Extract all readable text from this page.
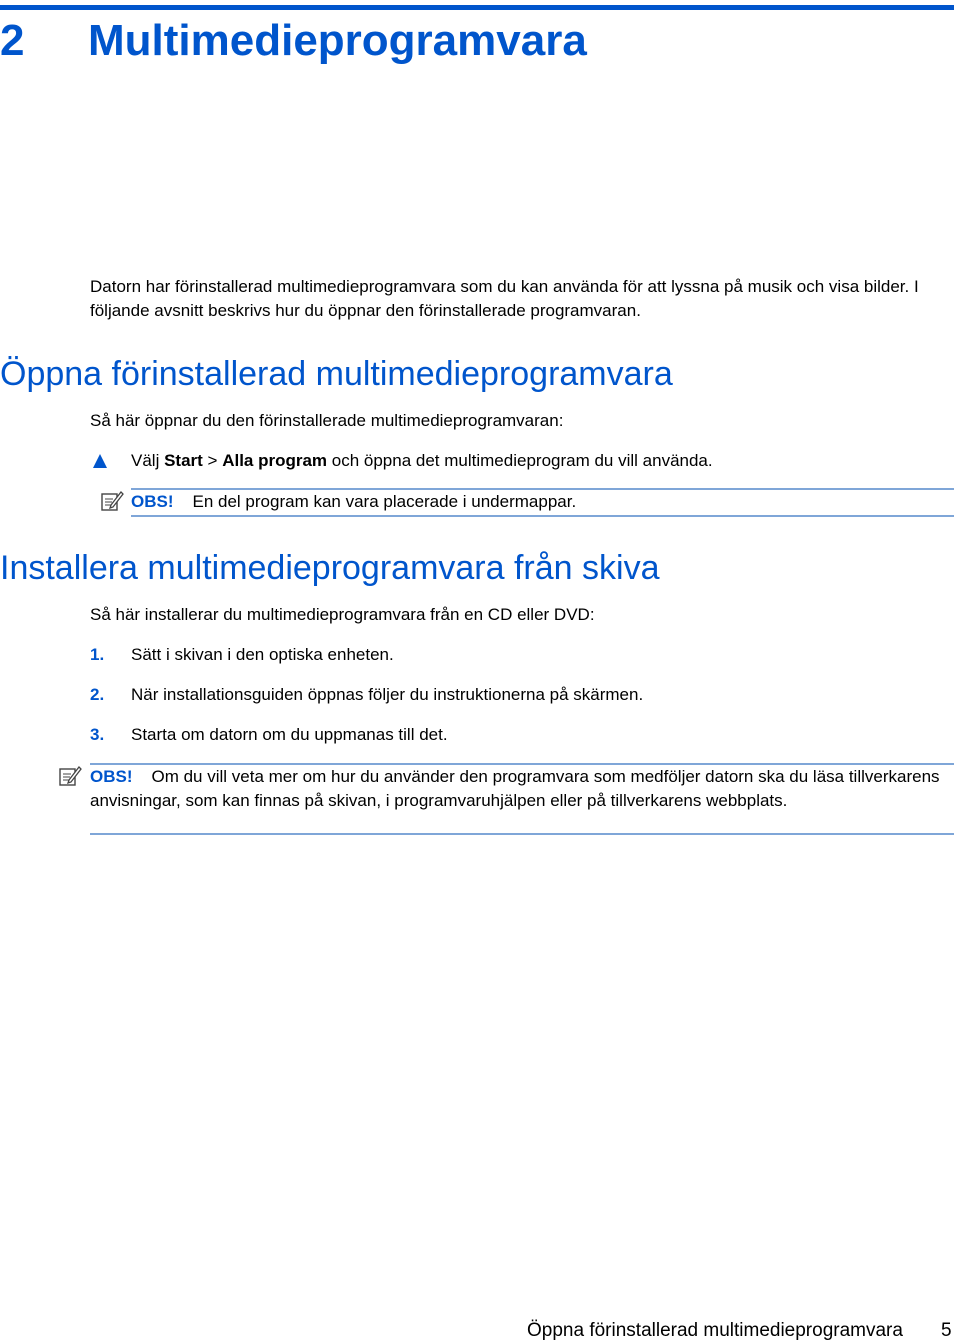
2 Multimedieprogramvara

Datorn har förinstallerad multimedieprogramvara som du kan använda för att lyssna på musik och visa bilder. I följande avsnitt beskrivs hur du öppnar den förinstallerade programvaran.

Öppna förinstallerad multimedieprogramvara
Så här öppnar du den förinstallerade multimedieprogramvaran:
Välj Start > Alla program och öppna det multimedieprogram du vill använda.
OBS! En del program kan vara placerade i undermappar.
Installera multimedieprogramvara från skiva
Så här installerar du multimedieprogramvara från en CD eller DVD:
1. Sätt i skivan i den optiska enheten.
2. När installationsguiden öppnas följer du instruktionerna på skärmen.
3. Starta om datorn om du uppmanas till det.

OBS! Om du vill veta mer om hur du använder den programvara som medföljer datorn ska du läsa tillverkarens anvisningar, som kan finnas på skivan, i programvaruhjälpen eller på tillverkarens webbplats.

Öppna förinstallerad multimedieprogramvara 5
